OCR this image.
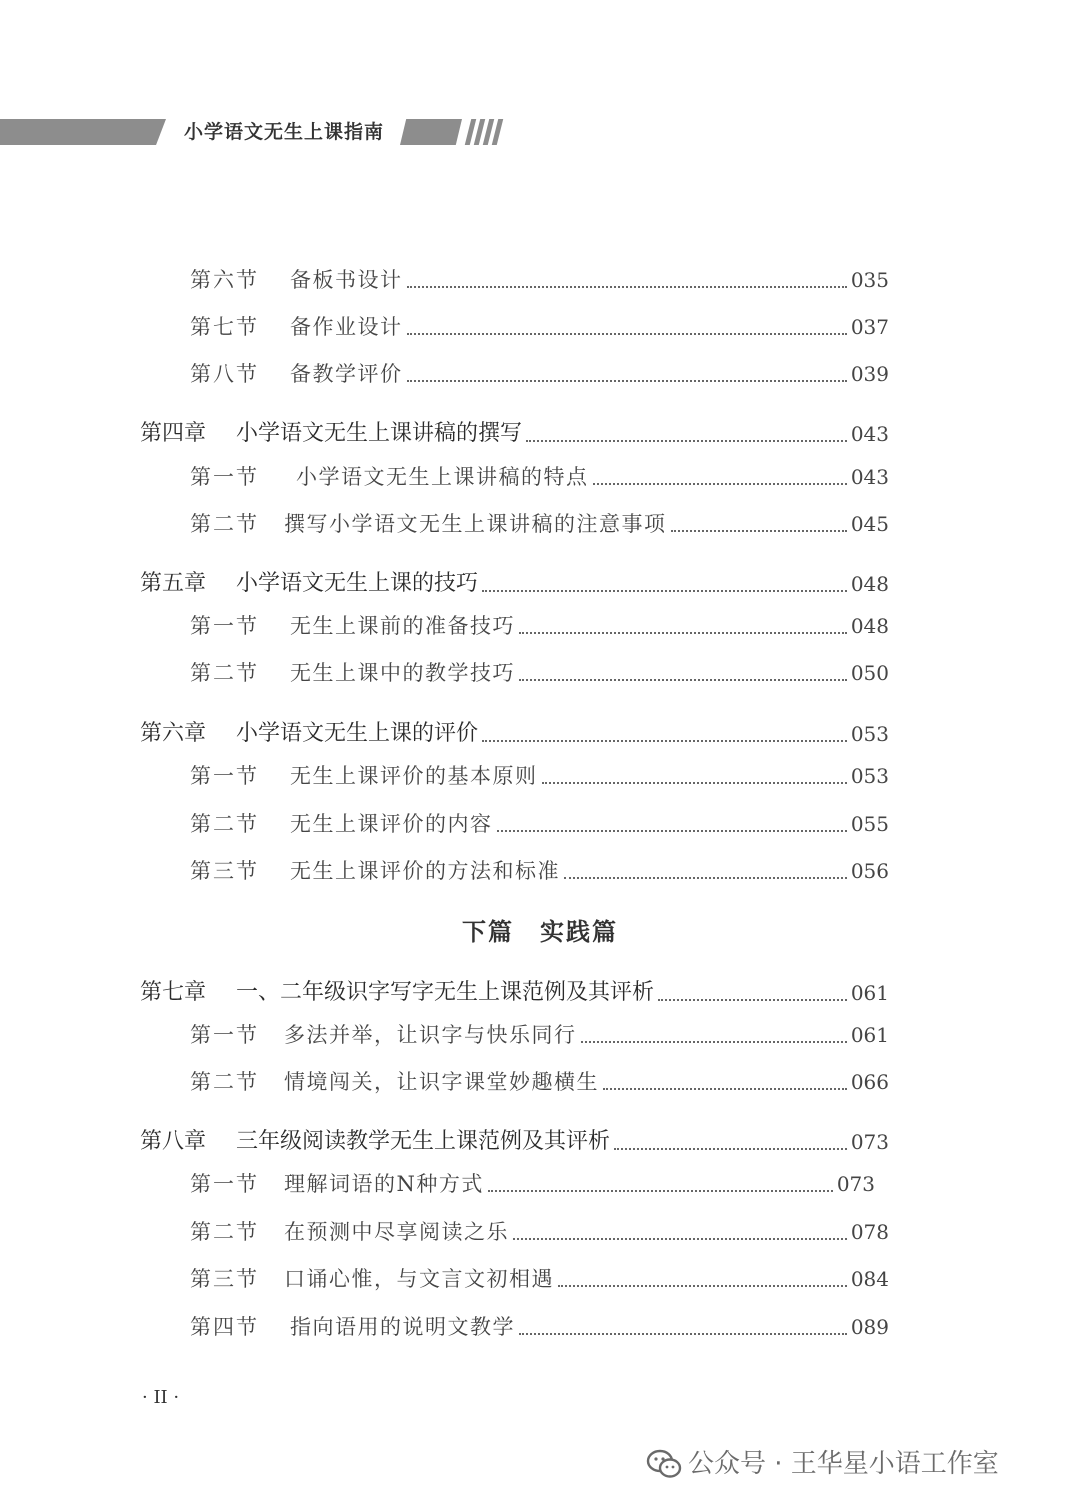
小学语文无生上课指南
第六节 备板书设计	035
第七节 备作业设计	037
第八节 备教学评价	039
第四章 小学语文无生上课讲稿的撰写	043
第一节 小学语文无生上课讲稿的特点	043
第二节 撰写小学语文无生上课讲稿的注意事项	045
第五章 小学语文无生上课的技巧	048
第一节 无生上课前的准备技巧	048
第二节 无生上课中的教学技巧	050
第六章 小学语文无生上课的评价	053
第一节 无生上课评价的基本原则	053
第二节 无生上课评价的内容	055
第三节 无生上课评价的方法和标准	056
第七章 一、二年级识字写字无生上课范例及其评析	061
第一节 多法并举，让识字与快乐同行	061
第二节 情境闯关，让识字课堂妙趣横生	066
第八章 三年级阅读教学无生上课范例及其评析	073
第一节 理解词语的N种方式	073
第二节 在预测中尽享阅读之乐	078
第三节 口诵心惟，与文言文初相遇	084
第四节 指向语用的说明文教学	089
下篇 实践篇
· II ·
公众号 · 王华星小语工作室
